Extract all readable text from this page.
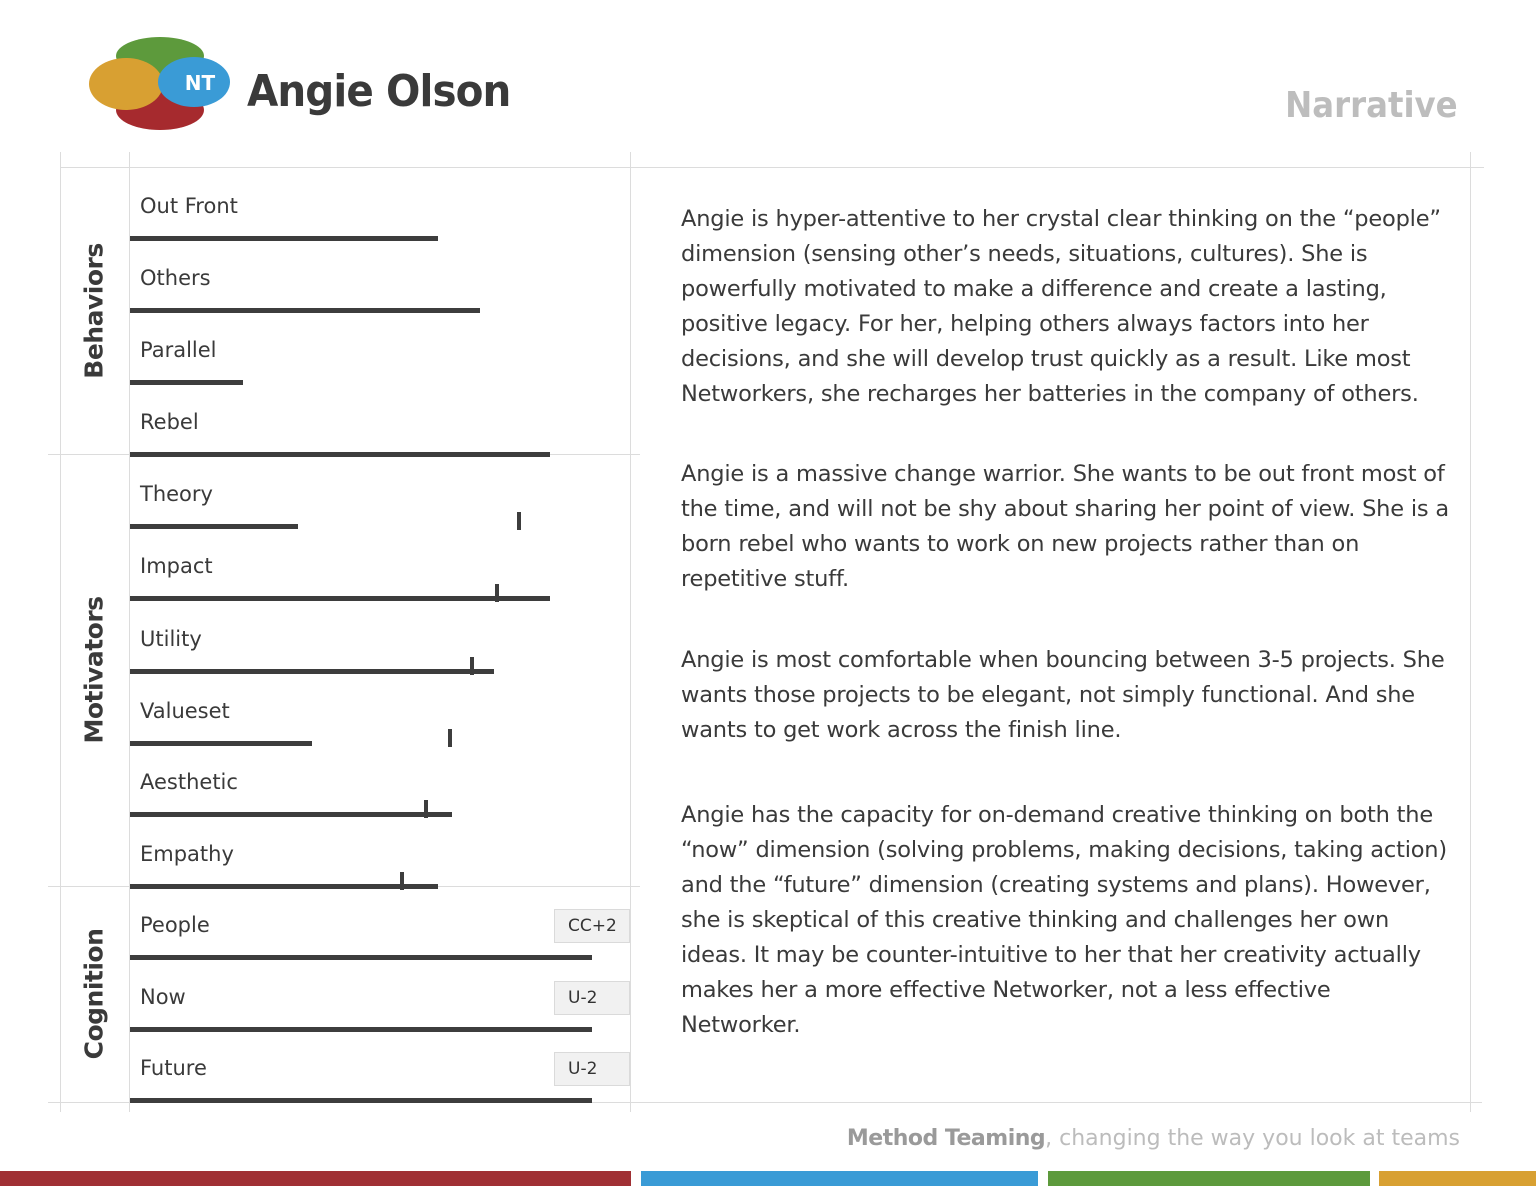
NT Angie Olson	Narrative
Behaviors
Motivators
Cognition
Out Front
Others
Parallel
Rebel
Theory
Impact
Utility
Valueset
Aesthetic
Empathy
People	CC+2
Now	U-2
Future	U-2

Angie is hyper-attentive to her crystal clear thinking on the “people” dimension (sensing other’s needs, situations, cultures). She is powerfully motivated to make a difference and create a lasting, positive legacy. For her, helping others always factors into her decisions, and she will develop trust quickly as a result. Like most Networkers, she recharges her batteries in the company of others.

Angie is a massive change warrior. She wants to be out front most of the time, and will not be shy about sharing her point of view. She is a born rebel who wants to work on new projects rather than on repetitive stuff.

Angie is most comfortable when bouncing between 3-5 projects. She wants those projects to be elegant, not simply functional. And she wants to get work across the finish line.

Angie has the capacity for on-demand creative thinking on both the “now” dimension (solving problems, making decisions, taking action) and the “future” dimension (creating systems and plans). However, she is skeptical of this creative thinking and challenges her own ideas. It may be counter-intuitive to her that her creativity actually makes her a more effective Networker, not a less effective Networker.

Method Teaming, changing the way you look at teams
